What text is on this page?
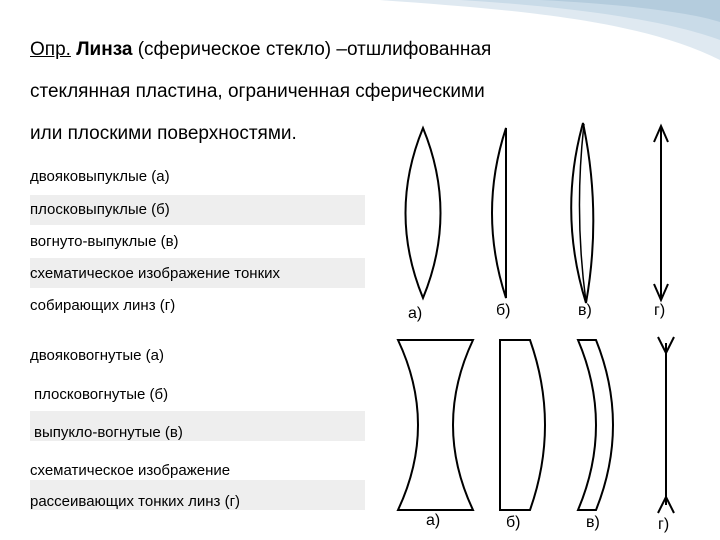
Опр. Линза (сферическое стекло) –отшлифованная
стеклянная пластина, ограниченная сферическими
или плоскими поверхностями.
двояковыпуклые (а)
плосковыпуклые (б)
вогнуто-выпуклые (в)
схематическое изображение тонких
собирающих линз (г)
двояковогнутые (а)
плосковогнутые (б)
выпукло-вогнутые (в)
схематическое изображение
рассеивающих тонких линз (г)
а)	б)	в)	г)
а)	б)	в)	г)
